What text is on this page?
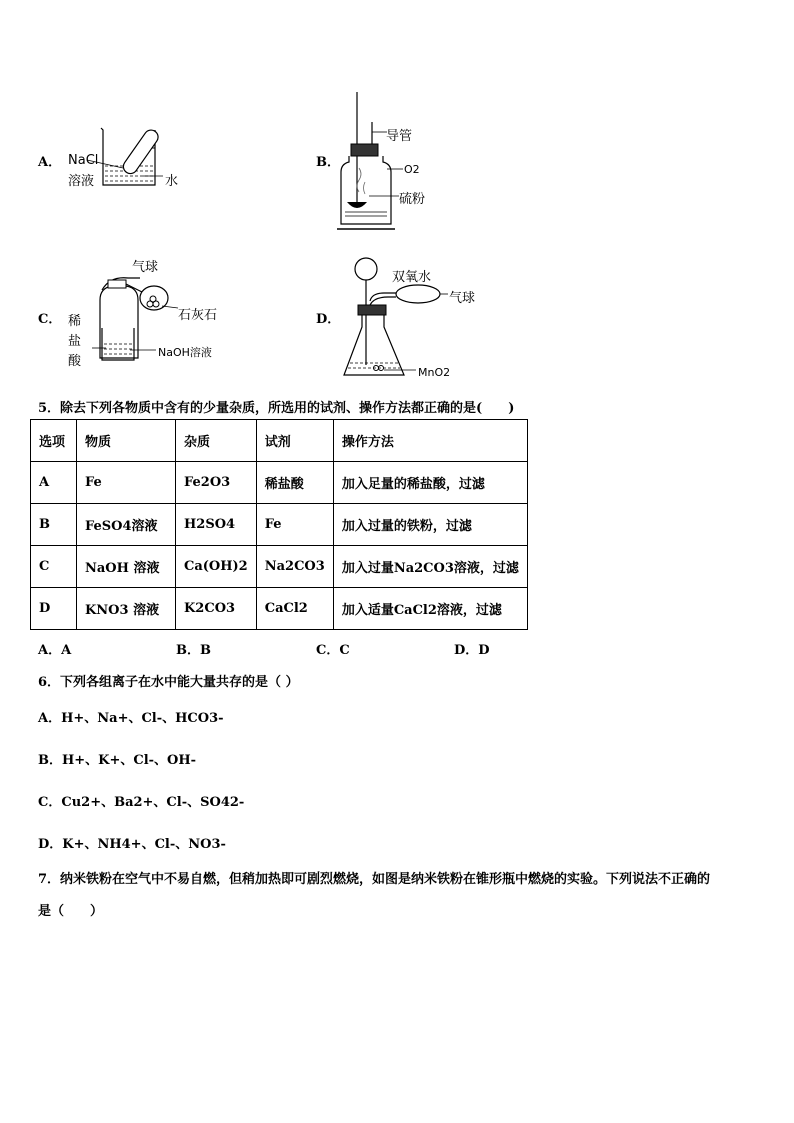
A． NaCl
溶液	水
B．
导管
O2
硫粉
C．
气球
石灰石
稀
盐
酸
NaOH溶液
D．
双氧水
气球
MnO2
5．除去下列各物质中含有的少量杂质，所选用的试剂、操作方法都正确的是(　　)
选项	物质	杂质	试剂	操作方法
A	Fe	Fe2O3	稀盐酸	加入足量的稀盐酸，过滤
B	FeSO4溶液	H2SO4	Fe	加入过量的铁粉，过滤
C	NaOH 溶液	Ca(OH)2	Na2CO3	加入过量Na2CO3溶液，过滤
D	KNO3 溶液	K2CO3	CaCl2	加入适量CaCl2溶液，过滤
A．A	B．B	C．C	D．D
6．下列各组离子在水中能大量共存的是（ ）
A．H+、Na+、Cl-、HCO3-
B．H+、K+、Cl-、OH-
C．Cu2+、Ba2+、Cl-、SO42-
D．K+、NH4+、Cl-、NO3-
7．纳米铁粉在空气中不易自燃，但稍加热即可剧烈燃烧，如图是纳米铁粉在锥形瓶中燃烧的实验。下列说法不正确的
是（　　）
